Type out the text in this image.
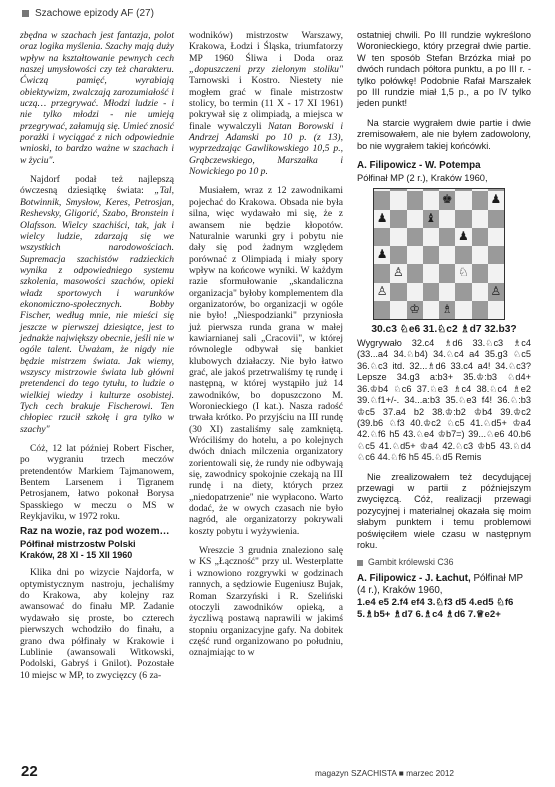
Szachowe epizody AF (27)

zbędna w szachach jest fantazja, polot oraz logika myślenia. Szachy mają duży wpływ na kształtowanie pewnych cech naszej umysłowości czy też charakteru. Ćwiczą pamięć, wyrabiają obiektywizm, zwalczają zarozumiałość i uczą… przegrywać. Młodzi ludzie - i nie tylko młodzi - nie umieją przegrywać, załamują się. Umieć znosić porażki i wyciągać z nich odpowiednie wnioski, to bardzo ważne w szachach i w życiu".

Najdorf podał też najlepszą ówczesną dziesiątkę świata: „Tal, Botwinnik, Smysłow, Keres, Petrosjan, Reshevsky, Gligorić, Szabo, Bronstein i Olafsson. Wielcy szachiści, tak, jak i wielcy ludzie, zdarzają się we wszystkich narodowościach. Supremacja szachistów radzieckich wynika z odpowiedniego systemu szkolenia, masowości szachów, opieki władz sportowych i warunków ekonomiczno-społecznych. Bobby Fischer, według mnie, nie mieści się jeszcze w pierwszej dziesiątce, jest to jednakże największy obecnie, jeśli nie w ogóle talent. Uważam, że nigdy nie będzie mistrzem świata. Jak wiemy, wszyscy mistrzowie świata lub główni pretendenci do tego tytułu, to ludzie o wielkiej wiedzy i kulturze osobistej. Tych cech brakuje Fischerowi. Ten chłopiec rzucił szkołę i gra tylko w szachy"

Cóż, 12 lat później Robert Fischer, po wygraniu trzech meczów pretendentów Markiem Tajmanowem, Bentem Larsenem i Tigranem Petrosjanem, łatwo pokonał Borysa Spasskiego w meczu o MS w Reykjaviku, w 1972 roku.

Raz na wozie, raz pod wozem…
Półfinał mistrzostw Polski
Kraków, 28 XI - 15 XII 1960

Klika dni po wizycie Najdorfa, w optymistycznym nastroju, jechaliśmy do Krakowa, aby kolejny raz awansować do finału MP. Zadanie wydawało się proste, bo czterech pierwszych wchodziło do finału, a grano dwa półfinały w Krakowie i Lublinie (awansowali Witkowski, Podolski, Gabryś i Gnilot). Pozostałe 10 miejsc w MP, to zwycięzcy (6 za-

wodników) mistrzostw Warszawy, Krakowa, Łodzi i Śląska, triumfatorzy MP 1960 Śliwa i Doda oraz „dopuszczeni przy zielonym stoliku" Tarnowski i Kostro. Niestety nie mogłem grać w finale mistrzostw stolicy, bo termin (11 X - 17 XI 1961) pokrywał się z olimpiadą, a miejsca w finale wywalczyli Natan Borowski i Andrzej Adamski po 10 p. (z 13), wyprzedzając Gawlikowskiego 10,5 p., Grąbczewskiego, Marszałka i Nowickiego po 10 p.

Musiałem, wraz z 12 zawodnikami pojechać do Krakowa. Obsada nie była silna, więc wydawało mi się, że z awansem nie będzie kłopotów. Naturalnie warunki gry i pobytu nie dały się pod żadnym względem porównać z Olimpiadą i miały spory wpływ na końcowe wyniki. W każdym razie sformułowanie „skandaliczna organizacja" byłoby komplementem dla organizatorów, bo organizacji w ogóle nie było! „Niespodzianki" przyniosła już pierwsza runda grana w małej kawiarnianej sali „Cracovii", w której równolegle odbywał się bankiet klubowych działaczy. Nie było łatwo grać, ale jakoś przetrwaliśmy tę rundę i następną, w której wystąpiło już 14 zawodników, bo dopuszczono M. Woronieckiego (I kat.). Nasza radość trwała krótko. Po przyjściu na III rundę (30 XI) zastaliśmy salę zamkniętą. Wróciliśmy do hotelu, a po kolejnych dwóch dniach milczenia organizatory zorientowali się, że rundy nie odbywają się, zawodnicy spokojnie czekają na III rundę i na diety, których przez „niedopatrzenie" nie wypłacono. Warto dodać, że w owych czasach nie było nagród, ale organizatorzy pokrywali koszty pobytu i wyżywienia.

Wreszcie 3 grudnia znaleziono salę w KS „Łączność" przy ul. Westerplatte i wznowiono rozgrywki w godzinach rannych, a sędziowie Eugeniusz Bujak, Roman Szarzyński i R. Szeliński otoczyli zawodników opieką, a życzliwą postawą naprawili w jakimś stopniu organizacyjne gafy. Na dobitek część rund organizowano po południu, oznajmiając to w

ostatniej chwili. Po III rundzie wykreślono Woronieckiego, który przegrał dwie partie. W ten sposób Stefan Brzózka miał po dwóch rundach półtora punktu, a po III r. - tylko połówkę! Podobnie Rafał Marszałek po III rundzie miał 1,5 p., a po IV tylko jeden punkt!

Na starcie wygrałem dwie partie i dwie zremisowałem, ale nie byłem zadowolony, bo nie wygrałem takiej końcówki.

A. Filipowicz - W. Potempa
Półfinał MP (2 r.), Kraków 1960,
♚	♟
♟	♝
♟
♟
♙	♘
♙	♙
♔ ♗
30.c3 ♘e6 31.♘c2 ♗d7 32.b3?

Wygrywało 32.c4 ♗d6 33.♘c3 ♗c4 (33...a4 34.♘b4) 34.♘c4 a4 35.g3 ♘c5 36.♘c3 itd. 32...♗d6 33.c4 a4! 34.♘c3? Lepsze 34.g3 a:b3+ 35.♔:b3 ♘d4+ 36.♔b4 ♘c6 37.♘e3 ♗c4 38.♘c4 ♗e2 39.♘f1+/-. 34...a:b3 35.♘e3 f4! 36.♘:b3 ♔c5 37.a4 b2 38.♔:b2 ♔b4 39.♔c2 (39.b6 ♘f3 40.♔c2 ♘c5 41.♘d5+ ♔a4 42.♘f6 h5 43.♘e4 ♔b7=) 39...♘e6 40.b6 ♘c5 41.♘d5+ ♔a4 42.♘c3 ♔b5 43.♘d4 ♘c6 44.♘f6 h5 45.♘d5 Remis

Nie zrealizowałem też decydującej przewagi w partii z późniejszym zwycięzcą. Cóż, realizacji przewagi pozycyjnej i materialnej okazała się moim słabym punktem i temu problemowi poświęciłem wiele czasu w następnym roku.

Gambit królewski C36
A. Filipowicz - J. Łachut, Półfinał MP (4 r.), Kraków 1960,
1.e4 e5 2.f4 ef4 3.♘f3 d5 4.ed5 ♘f6 5.♗b5+ ♗d7 6.♗c4 ♗d6 7.♕e2+
22	magazyn SZACHISTA ■ marzec 2012
